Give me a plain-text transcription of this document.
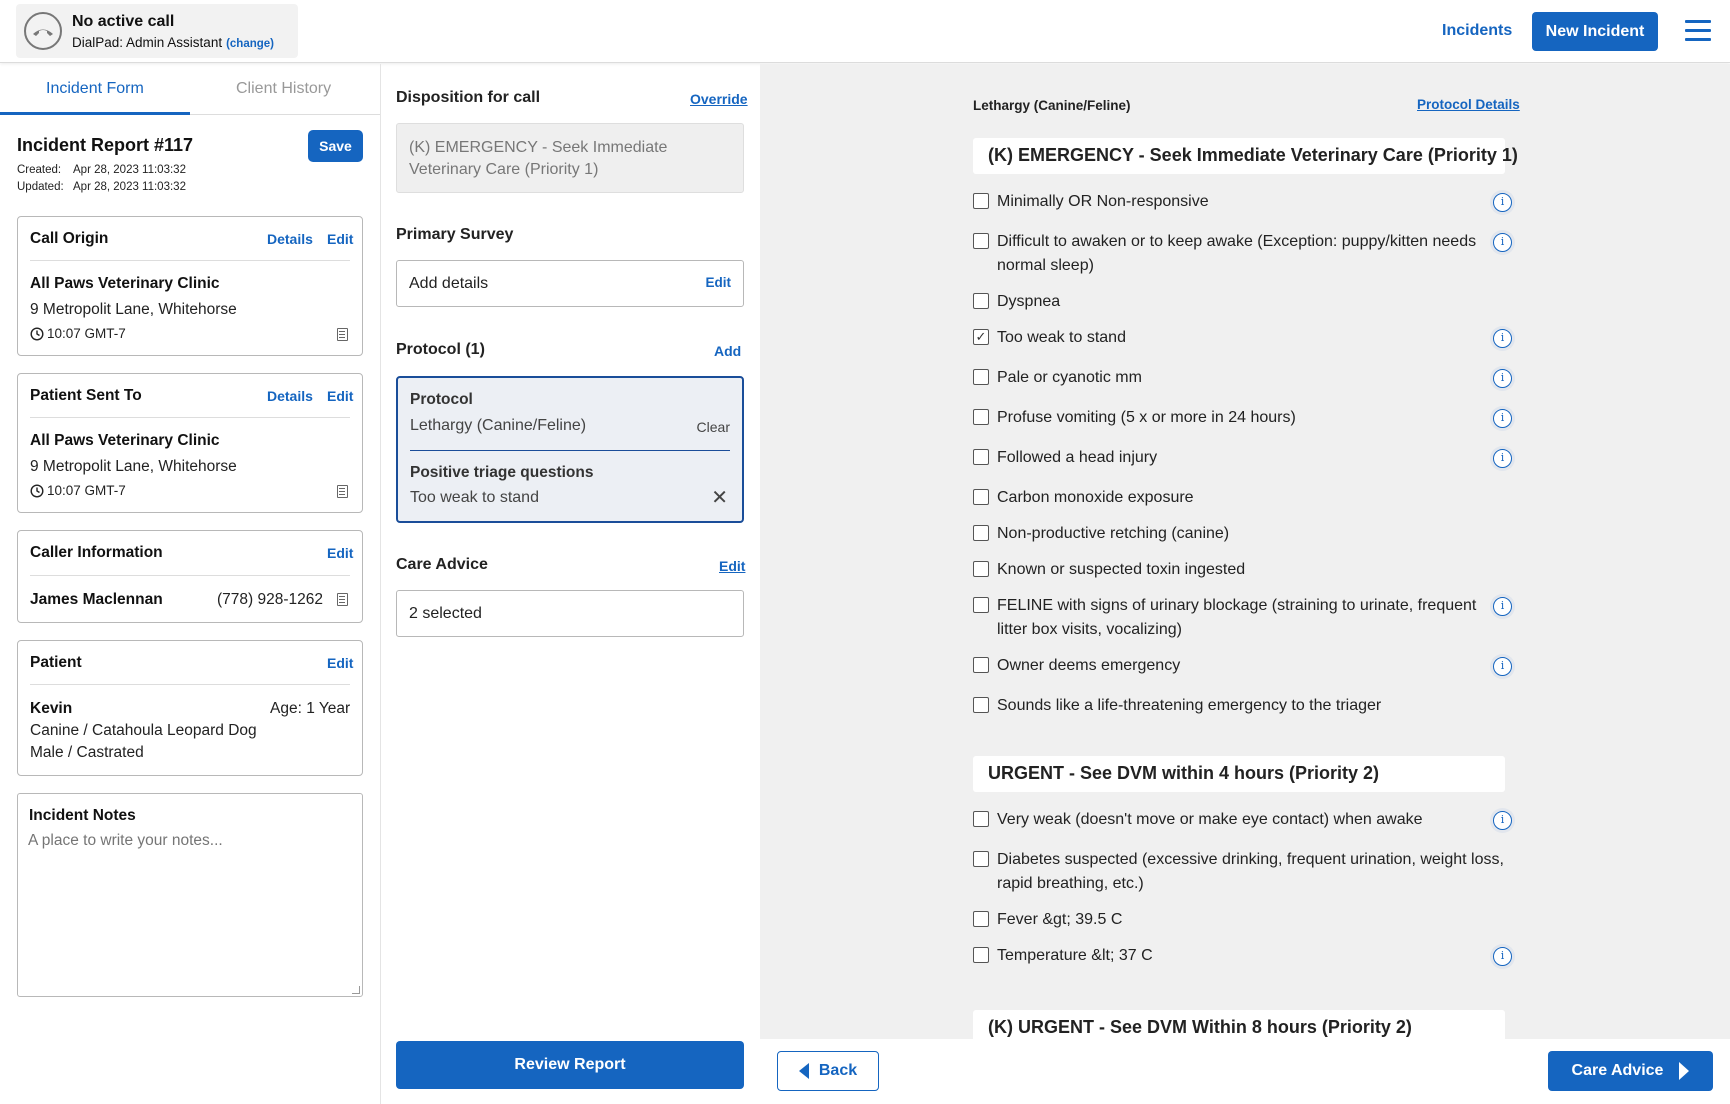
No active call
DialPad: Admin Assistant (change)
Incidents	New Incident
Incident Form	Client History
Incident Report #117	Save
Created: Apr 28, 2023 11:03:32
Updated: Apr 28, 2023 11:03:32
Call Origin	Details Edit
All Paws Veterinary Clinic
9 Metropolit Lane, Whitehorse
10:07 GMT-7
Patient Sent To	Details Edit
All Paws Veterinary Clinic
9 Metropolit Lane, Whitehorse
10:07 GMT-7
Caller Information	Edit
James Maclennan	(778) 928-1262
Patient	Edit
Kevin	Age: 1 Year
Canine / Catahoula Leopard Dog
Male / Castrated
Incident Notes
A place to write your notes...
Disposition for call	Override
(K) EMERGENCY - Seek Immediate Veterinary Care (Priority 1)
Primary Survey
Add details	Edit
Protocol (1)	Add
Protocol
Lethargy (Canine/Feline)	Clear
Positive triage questions
Too weak to stand	✕
Care Advice	Edit
2 selected
Review Report
Lethargy (Canine/Feline)	Protocol Details
(K) EMERGENCY - Seek Immediate Veterinary Care (Priority 1)
Minimally OR Non-responsive	i
Difficult to awaken or to keep awake (Exception: puppy/kitten needs normal sleep)
i
Dyspnea
✓ Too weak to stand	i
Pale or cyanotic mm	i
Profuse vomiting (5 x or more in 24 hours)	i
Followed a head injury	i
Carbon monoxide exposure
Non-productive retching (canine)
Known or suspected toxin ingested
FELINE with signs of urinary blockage (straining to urinate, frequent litter box visits, vocalizing)
i
Owner deems emergency	i
Sounds like a life-threatening emergency to the triager
URGENT - See DVM within 4 hours (Priority 2)
Very weak (doesn't move or make eye contact) when awake	i
Diabetes suspected (excessive drinking, frequent urination, weight loss, rapid breathing, etc.)
Fever &gt; 39.5 C
Temperature &lt; 37 C	i
(K) URGENT - See DVM Within 8 hours (Priority 2)
Back	Care Advice
